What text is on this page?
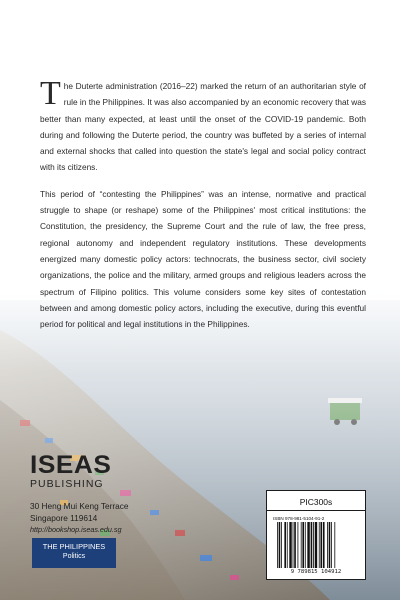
The Duterte administration (2016–22) marked the return of an authoritarian style of rule in the Philippines. It was also accompanied by an economic recovery that was better than many expected, at least until the onset of the COVID-19 pandemic. Both during and following the Duterte period, the country was buffeted by a series of internal and external shocks that called into question the state's legal and social policy contract with its citizens.

This period of “contesting the Philippines” was an intense, normative and practical struggle to shape (or reshape) some of the Philippines' most critical institutions: the Constitution, the presidency, the Supreme Court and the rule of law, the free press, regional autonomy and independent regulatory institutions. These developments energized many domestic policy actors: technocrats, the business sector, civil society organizations, the police and the military, armed groups and religious leaders across the spectrum of Filipino politics. This volume considers some key sites of contestation between and among domestic policy actors, including the executive, during this eventful period for political and legal institutions in the Philippines.

ISEAS
PUBLISHING
30 Heng Mui Keng Terrace
Singapore 119614
http://bookshop.iseas.edu.sg
THE PHILIPPINES
Politics
PIC300s
ISBN 978-981-5104-91-2
9 789815 104912
